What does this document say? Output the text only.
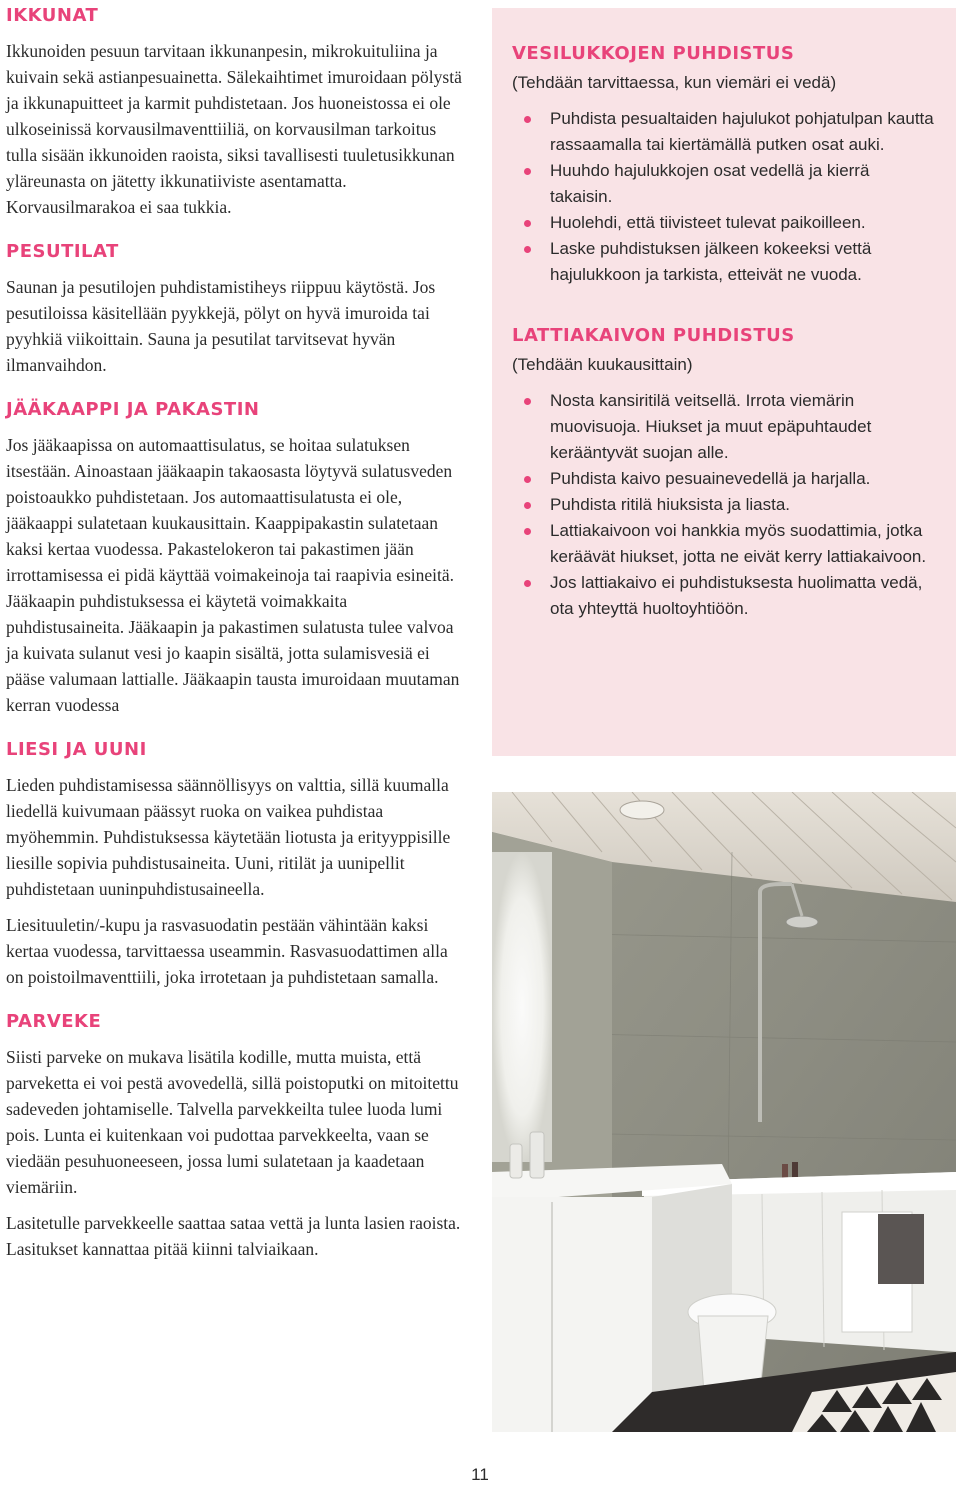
IKKUNAT

Ikkunoiden pesuun tarvitaan ikkunanpesin, mikrokuituliina ja kuivain sekä astianpesuainetta. Sälekaihtimet imuroidaan pölystä ja ikkunapuitteet ja karmit puhdistetaan. Jos huoneistossa ei ole ulkoseinissä korvausilmaventtiiliä, on korvausilman tarkoitus tulla sisään ikkunoiden raoista, siksi tavallisesti tuuletusikkunan yläreunasta on jätetty ikkunatiiviste asentamatta. Korvausilmarakoa ei saa tukkia.

PESUTILAT

Saunan ja pesutilojen puhdistamistiheys riippuu käytöstä. Jos pesutiloissa käsitellään pyykkejä, pölyt on hyvä imuroida tai pyyhkiä viikoittain. Sauna ja pesutilat tarvitsevat hyvän ilmanvaihdon.

JÄÄKAAPPI JA PAKASTIN

Jos jääkaapissa on automaattisulatus, se hoitaa sulatuksen itsestään. Ainoastaan jääkaapin takaosasta löytyvä sulatusveden poistoaukko puhdistetaan. Jos automaattisulatusta ei ole, jääkaappi sulatetaan kuukausittain. Kaappipakastin sulatetaan kaksi kertaa vuodessa. Pakastelokeron tai pakastimen jään irrottamisessa ei pidä käyttää voimakeinoja tai raapivia esineitä. Jääkaapin puhdistuksessa ei käytetä voimakkaita puhdistusaineita. Jääkaapin ja pakastimen sulatusta tulee valvoa ja kuivata sulanut vesi jo kaapin sisältä, jotta sulamisvesiä ei pääse valumaan lattialle. Jääkaapin tausta imuroidaan muutaman kerran vuodessa

LIESI JA UUNI

Lieden puhdistamisessa säännöllisyys on valttia, sillä kuumalla liedellä kuivumaan päässyt ruoka on vaikea puhdistaa myöhemmin. Puhdistuksessa käytetään liotusta ja erityyppisille liesille sopivia puhdistusaineita. Uuni, ritilät ja uunipellit puhdistetaan uuninpuhdistusaineella.

Liesituuletin/-kupu ja rasvasuodatin pestään vähintään kaksi kertaa vuodessa, tarvittaessa useammin. Rasvasuodattimen alla on poistoilmaventtiili, joka irrotetaan ja puhdistetaan samalla.

PARVEKE

Siisti parveke on mukava lisätila kodille, mutta muista, että parveketta ei voi pestä avovedellä, sillä poistoputki on mitoitettu sadeveden johtamiselle. Talvella parvekkeilta tulee luoda lumi pois. Lunta ei kuitenkaan voi pudottaa parvekkeelta, vaan se viedään pesuhuoneeseen, jossa lumi sulatetaan ja kaadetaan viemäriin.

Lasitetulle parvekkeelle saattaa sataa vettä ja lunta lasien raoista. Lasitukset kannattaa pitää kiinni talviaikaan.

VESILUKKOJEN PUHDISTUS

(Tehdään tarvittaessa, kun viemäri ei vedä)

Puhdista pesualtaiden hajulukot pohjatulpan kautta rassaamalla tai kiertämällä putken osat auki.
Huuhdo hajulukkojen osat vedellä ja kierrä takaisin.
Huolehdi, että tiivisteet tulevat paikoilleen.
Laske puhdistuksen jälkeen kokeeksi vettä hajulukkoon ja tarkista, etteivät ne vuoda.
LATTIAKAIVON PUHDISTUS

(Tehdään kuukausittain)

Nosta kansiritilä veitsellä. Irrota viemärin muovisuoja. Hiukset ja muut epäpuhtaudet kerääntyvät suojan alle.
Puhdista kaivo pesuainevedellä ja harjalla.
Puhdista ritilä hiuksista ja liasta.
Lattiakaivoon voi hankkia myös suodattimia, jotka keräävät hiukset, jotta ne eivät kerry lattiakaivoon.
Jos lattiakaivo ei puhdistuksesta huolimatta vedä, ota yhteyttä huoltoyhtiöön.
11
